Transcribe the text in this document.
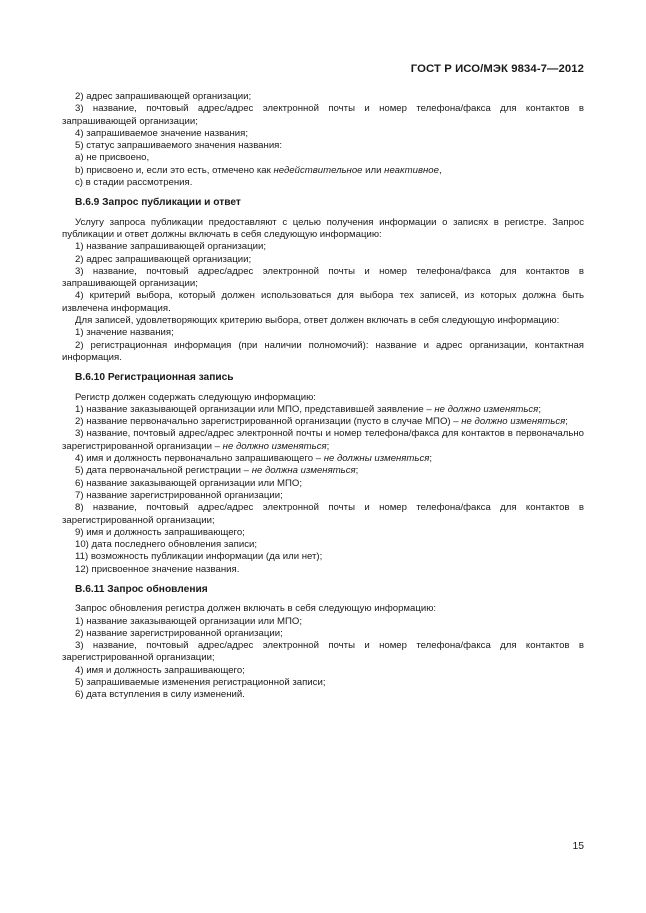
ГОСТ Р ИСО/МЭК 9834-7—2012

2) адрес запрашивающей организации;

3) название, почтовый адрес/адрес электронной почты и номер телефона/факса для контактов в запрашивающей организации;

4) запрашиваемое значение названия;

5) статус запрашиваемого значения названия:

a) не присвоено,

b) присвоено и, если это есть, отмечено как недействительное или неактивное,

c) в стадии рассмотрения.

В.6.9 Запрос публикации и ответ

Услугу запроса публикации предоставляют с целью получения информации о записях в регистре. Запрос публикации и ответ должны включать в себя следующую информацию:

1) название запрашивающей организации;

2) адрес запрашивающей организации;

3) название, почтовый адрес/адрес электронной почты и номер телефона/факса для контактов в запрашивающей организации;

4) критерий выбора, который должен использоваться для выбора тех записей, из которых должна быть извлечена информация.

Для записей, удовлетворяющих критерию выбора, ответ должен включать в себя следующую информацию:

1) значение названия;

2) регистрационная информация (при наличии полномочий): название и адрес организации, контактная информация.

В.6.10 Регистрационная запись

Регистр должен содержать следующую информацию:

1) название заказывающей организации или МПО, представившей заявление – не должно изменяться;

2) название первоначально зарегистрированной организации (пусто в случае МПО) – не должно изменяться;

3) название, почтовый адрес/адрес электронной почты и номер телефона/факса для контактов в первоначально зарегистрированной организации – не должно изменяться;

4) имя и должность первоначально запрашивающего – не должны изменяться;

5) дата первоначальной регистрации – не должна изменяться;

6) название заказывающей организации или МПО;

7) название зарегистрированной организации;

8) название, почтовый адрес/адрес электронной почты и номер телефона/факса для контактов в зарегистрированной организации;

9) имя и должность запрашивающего;

10) дата последнего обновления записи;

11) возможность публикации информации (да или нет);

12) присвоенное значение названия.

В.6.11 Запрос обновления

Запрос обновления регистра должен включать в себя следующую информацию:

1) название заказывающей организации или МПО;

2) название зарегистрированной организации;

3) название, почтовый адрес/адрес электронной почты и номер телефона/факса для контактов в зарегистрированной организации;

4) имя и должность запрашивающего;

5) запрашиваемые изменения регистрационной записи;

6) дата вступления в силу изменений.

15
